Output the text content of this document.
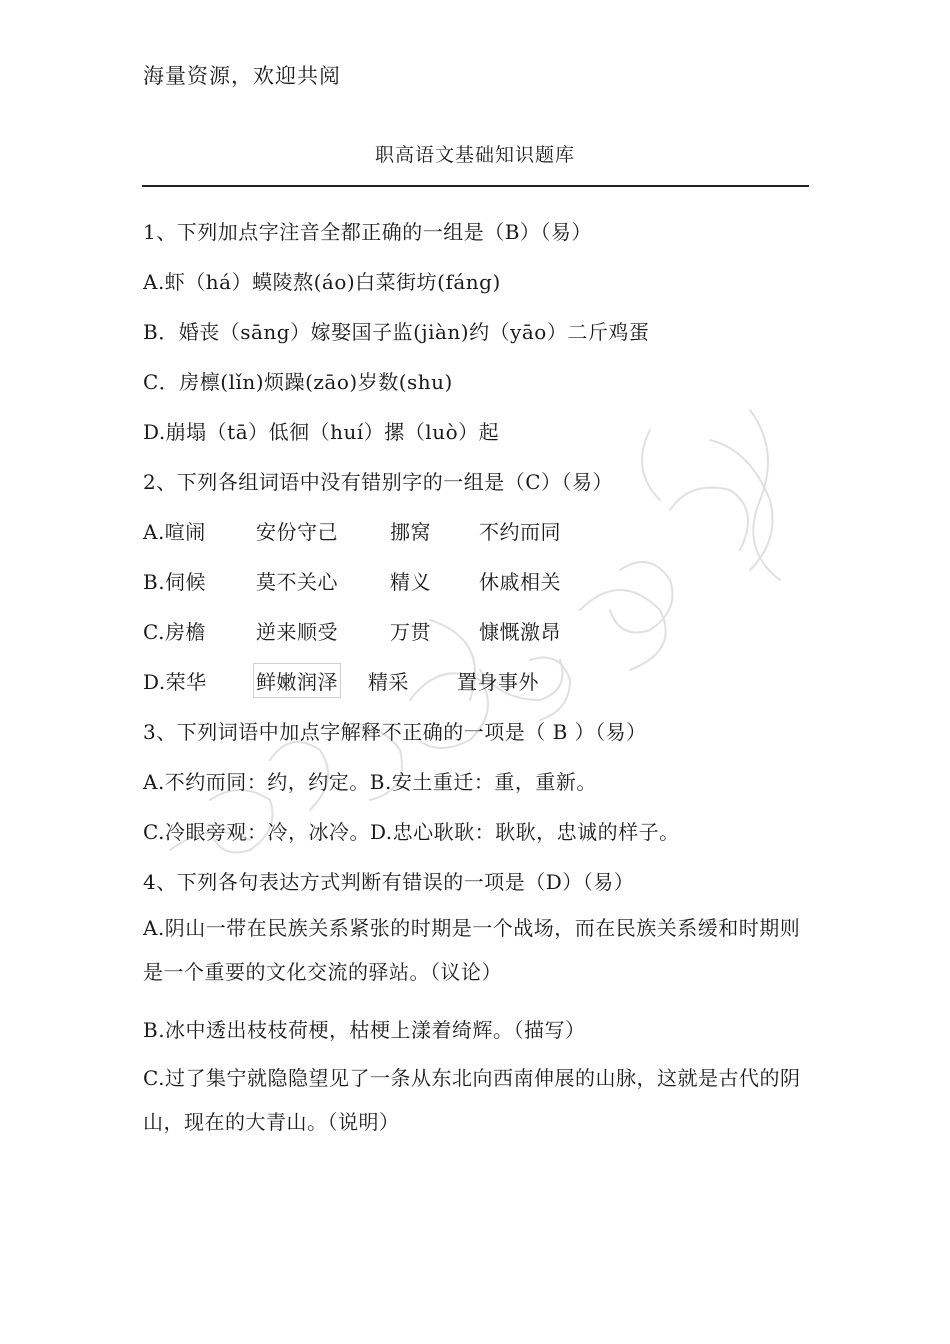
海量资源，欢迎共阅
职高语文基础知识题库
1、下列加点字注音全都正确的一组是（B）（易）
A.虾（há）蟆陵熬(áo)白菜街坊(fáng)
B．婚丧（sāng）嫁娶国子监(jiàn)约（yāo）二斤鸡蛋
C．房檩(lǐn)烦躁(zāo)岁数(shu)
D.崩塌（tā）低徊（huí）摞（luò）起
2、下列各组词语中没有错别字的一组是（C）（易）
A.喧闹	安份守己	挪窝 不约而同
B.伺候 莫不关心	精义 休戚相关
C.房檐	逆来顺受	万贯 慷慨激昂
D.荣华 鲜嫩润泽 精采 置身事外
3、下列词语中加点字解释不正确的一项是（ B ）（易）
A.不约而同：约，约定。B.安土重迁：重，重新。
C.冷眼旁观：冷，冰冷。D.忠心耿耿：耿耿，忠诚的样子。
4、下列各句表达方式判断有错误的一项是（D）（易）
A.阴山一带在民族关系紧张的时期是一个战场，而在民族关系缓和时期则是一个重要的文化交流的驿站。（议论）
B.冰中透出枝枝荷梗，枯梗上漾着绮辉。（描写）
C.过了集宁就隐隐望见了一条从东北向西南伸展的山脉，这就是古代的阴山，现在的大青山。（说明）
